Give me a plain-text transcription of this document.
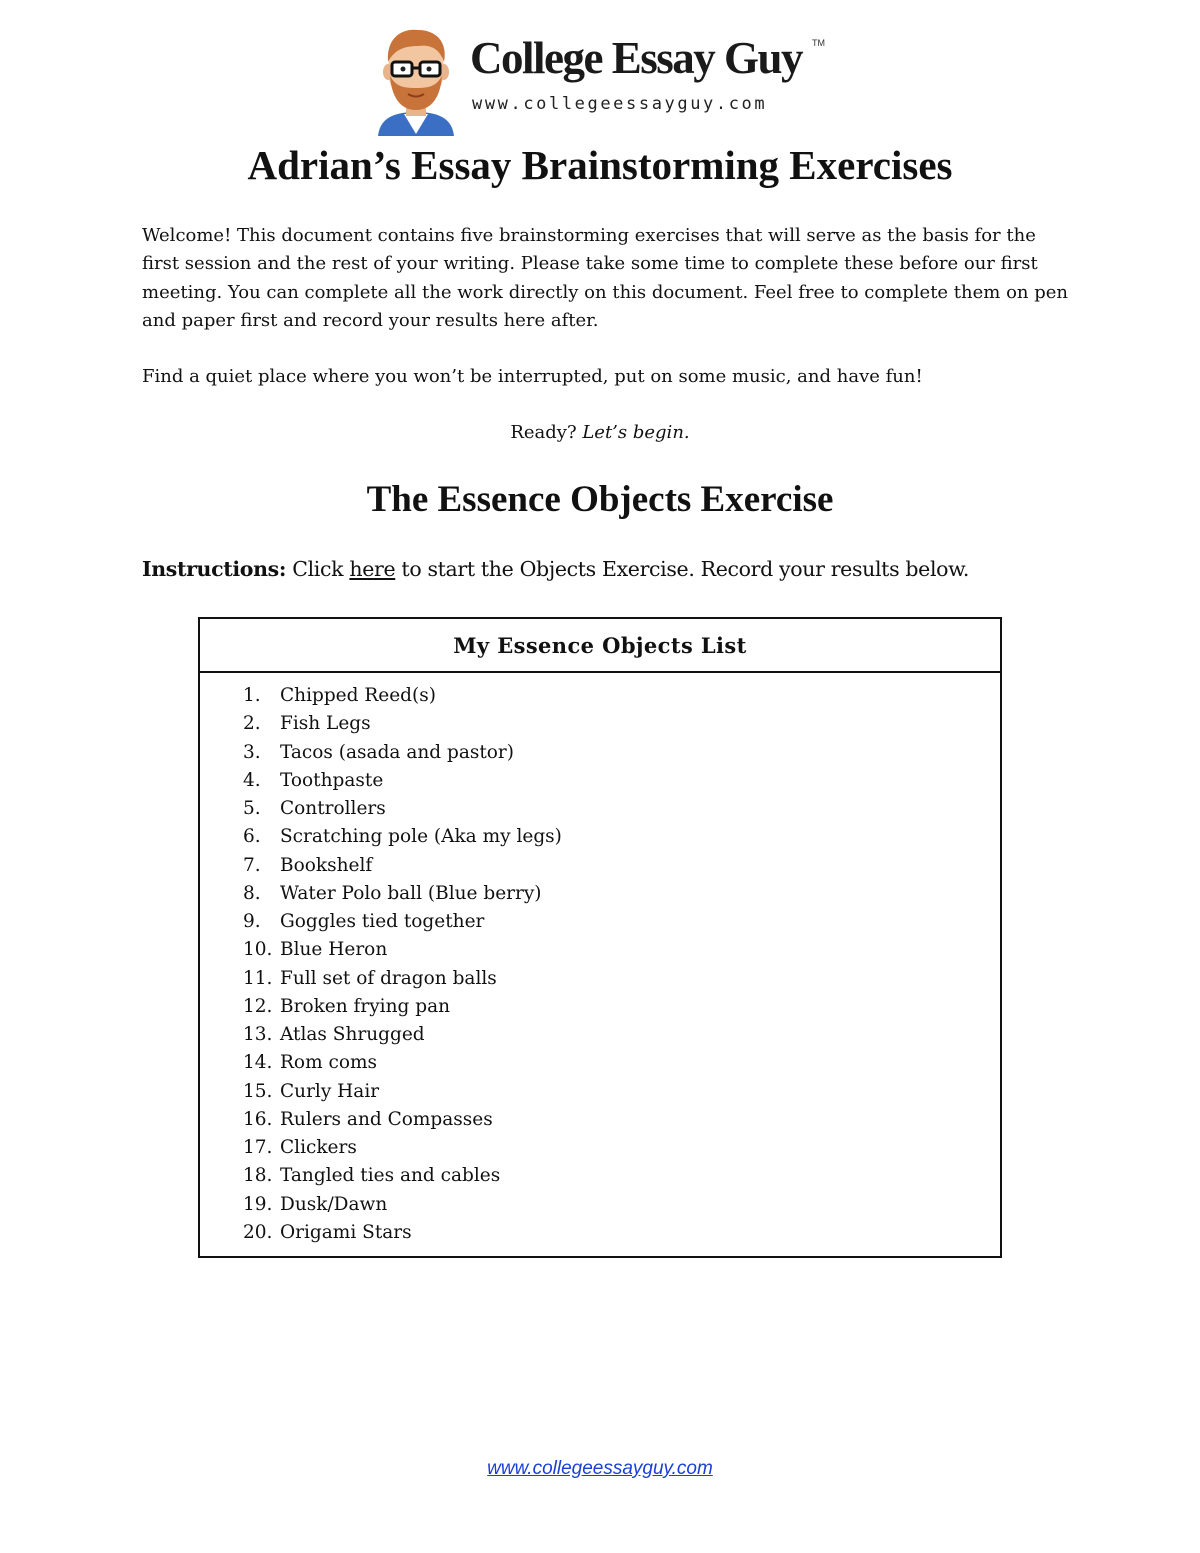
College Essay Guy TM
www.collegeessayguy.com
Adrian’s Essay Brainstorming Exercises

Welcome! This document contains five brainstorming exercises that will serve as the basis for the first session and the rest of your writing. Please take some time to complete these before our first meeting. You can complete all the work directly on this document. Feel free to complete them on pen and paper first and record your results here after.

Find a quiet place where you won’t be interrupted, put on some music, and have fun!

Ready? Let’s begin.

The Essence Objects Exercise

Instructions: Click here to start the Objects Exercise. Record your results below.

My Essence Objects List
1.	Chipped Reed(s)
2.	Fish Legs
3.	Tacos (asada and pastor)
4.	Toothpaste
5.	Controllers
6.	Scratching pole (Aka my legs)
7.	Bookshelf
8.	Water Polo ball (Blue berry)
9.	Goggles tied together
10. Blue Heron
11. Full set of dragon balls
12. Broken frying pan
13. Atlas Shrugged
14. Rom coms
15. Curly Hair
16. Rulers and Compasses
17. Clickers
18. Tangled ties and cables
19. Dusk/Dawn
20. Origami Stars
www.collegeessayguy.com
